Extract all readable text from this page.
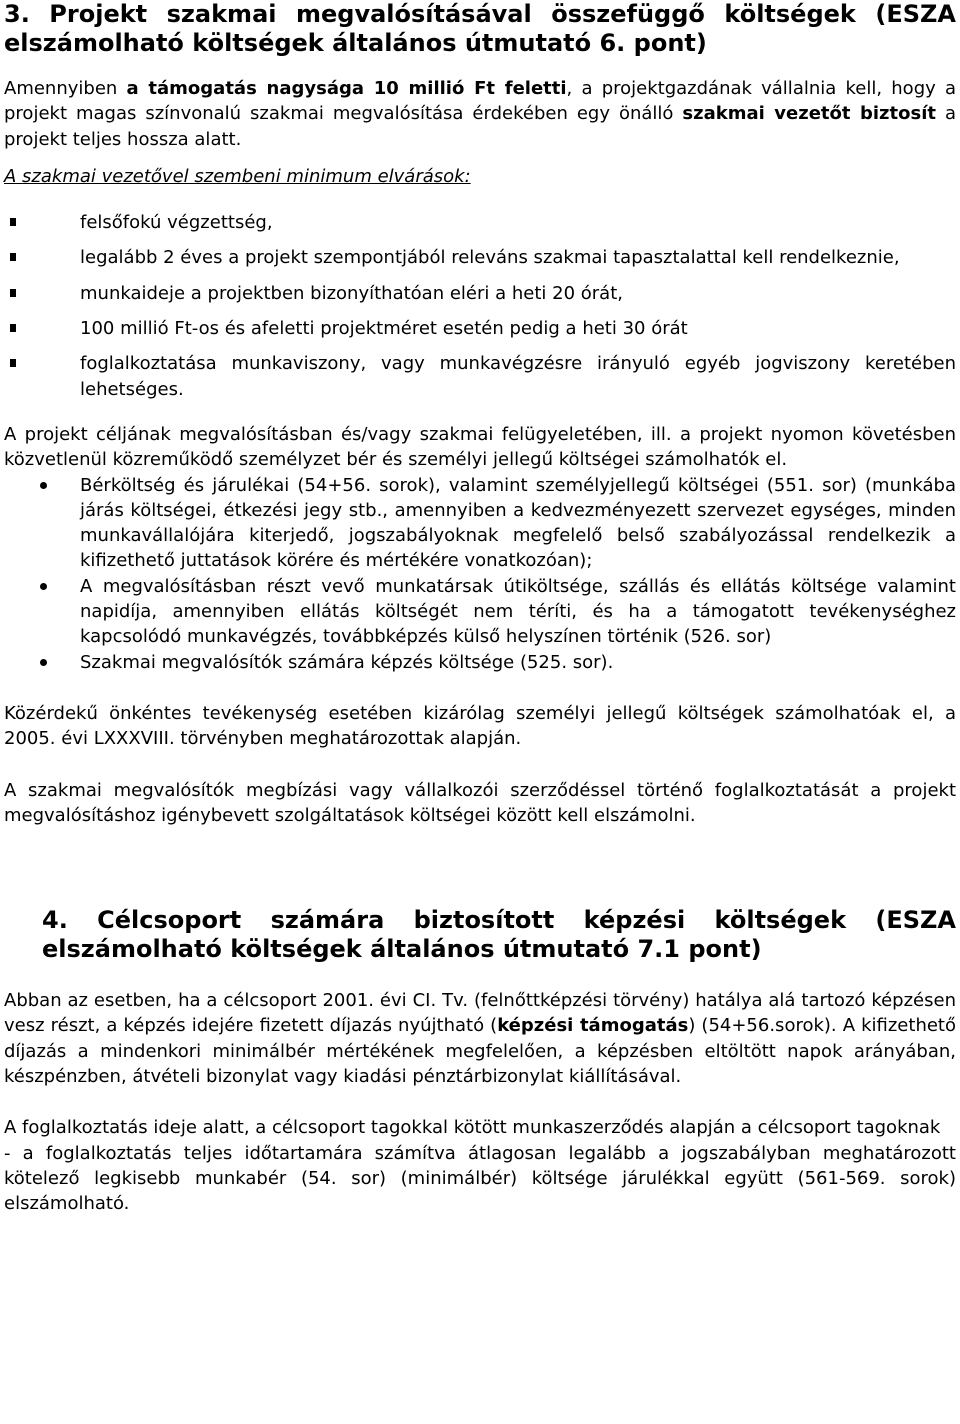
3. Projekt szakmai megvalósításával összefüggő költségek (ESZA elszámolható költségek általános útmutató 6. pont)

Amennyiben a támogatás nagysága 10 millió Ft feletti, a projektgazdának vállalnia kell, hogy a projekt magas színvonalú szakmai megvalósítása érdekében egy önálló szakmai vezetőt biztosít a projekt teljes hossza alatt.

A szakmai vezetővel szembeni minimum elvárások:

felsőfokú végzettség,
legalább 2 éves a projekt szempontjából releváns szakmai tapasztalattal kell rendelkeznie,
munkaideje a projektben bizonyíthatóan eléri a heti 20 órát,
100 millió Ft-os és afeletti projektméret esetén pedig a heti 30 órát
foglalkoztatása munkaviszony, vagy munkavégzésre irányuló egyéb jogviszony keretében lehetséges.

A projekt céljának megvalósításban és/vagy szakmai felügyeletében, ill. a projekt nyomon követésben közvetlenül közreműködő személyzet bér és személyi jellegű költségei számolhatók el.

Bérköltség és járulékai (54+56. sorok), valamint személyjellegű költségei (551. sor) (munkába járás költségei, étkezési jegy stb., amennyiben a kedvezményezett szervezet egységes, minden munkavállalójára kiterjedő, jogszabályoknak megfelelő belső szabályozással rendelkezik a kifizethető juttatások körére és mértékére vonatkozóan);
A megvalósításban részt vevő munkatársak útiköltsége, szállás és ellátás költsége valamint napidíja, amennyiben ellátás költségét nem téríti, és ha a támogatott tevékenységhez kapcsolódó munkavégzés, továbbképzés külső helyszínen történik (526. sor)
Szakmai megvalósítók számára képzés költsége (525. sor).

Közérdekű önkéntes tevékenység esetében kizárólag személyi jellegű költségek számolhatóak el, a 2005. évi LXXXVIII. törvényben meghatározottak alapján.

A szakmai megvalósítók megbízási vagy vállalkozói szerződéssel történő foglalkoztatását a projekt megvalósításhoz igénybevett szolgáltatások költségei között kell elszámolni.

4. Célcsoport számára biztosított képzési költségek (ESZA elszámolható költségek általános útmutató 7.1 pont)

Abban az esetben, ha a célcsoport 2001. évi CI. Tv. (felnőttképzési törvény) hatálya alá tartozó képzésen vesz részt, a képzés idejére fizetett díjazás nyújtható (képzési támogatás) (54+56.sorok). A kifizethető díjazás a mindenkori minimálbér mértékének megfelelően, a képzésben eltöltött napok arányában, készpénzben, átvételi bizonylat vagy kiadási pénztárbizonylat kiállításával.

A foglalkoztatás ideje alatt, a célcsoport tagokkal kötött munkaszerződés alapján a célcsoport tagoknak

- a foglalkoztatás teljes időtartamára számítva átlagosan legalább a jogszabályban meghatározott kötelező legkisebb munkabér (54. sor) (minimálbér) költsége járulékkal együtt (561-569. sorok) elszámolható.
